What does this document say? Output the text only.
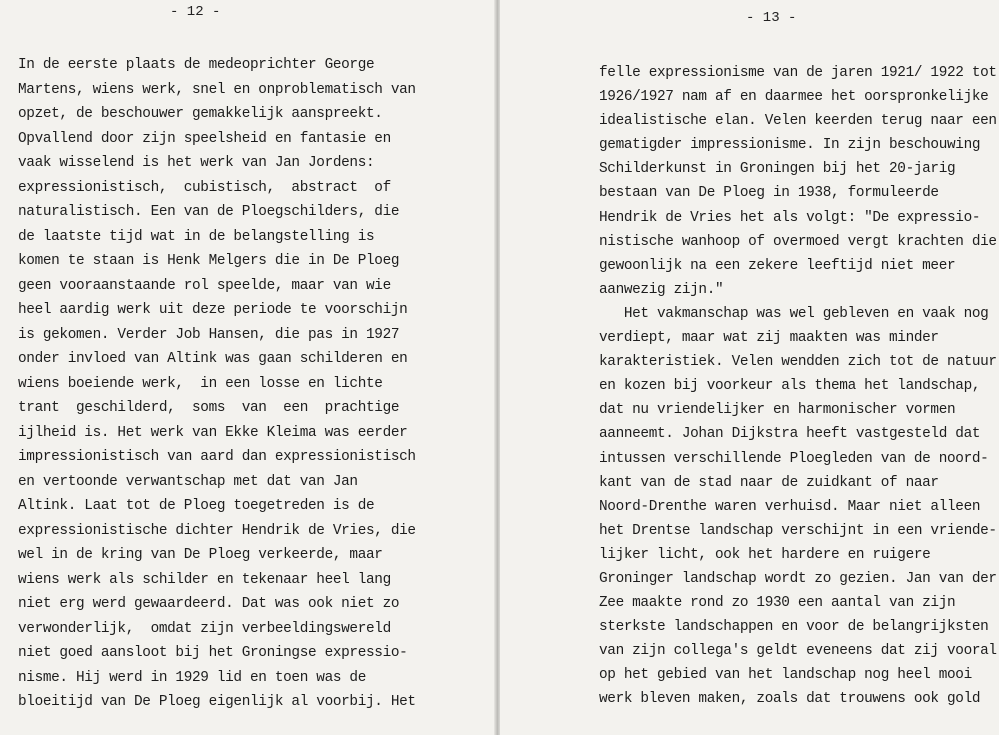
- 12 -
In de eerste plaats de medeoprichter George
Martens, wiens werk, snel en onproblematisch van
opzet, de beschouwer gemakkelijk aanspreekt.
Opvallend door zijn speelsheid en fantasie en
vaak wisselend is het werk van Jan Jordens:
expressionistisch,  cubistisch,  abstract  of
naturalistisch. Een van de Ploegschilders, die
de laatste tijd wat in de belangstelling is
komen te staan is Henk Melgers die in De Ploeg
geen vooraanstaande rol speelde, maar van wie
heel aardig werk uit deze periode te voorschijn
is gekomen. Verder Job Hansen, die pas in 1927
onder invloed van Altink was gaan schilderen en
wiens boeiende werk,  in een losse en lichte
trant  geschilderd,  soms  van  een  prachtige
ijlheid is. Het werk van Ekke Kleima was eerder
impressionistisch van aard dan expressionistisch
en vertoonde verwantschap met dat van Jan
Altink. Laat tot de Ploeg toegetreden is de
expressionistische dichter Hendrik de Vries, die
wel in de kring van De Ploeg verkeerde, maar
wiens werk als schilder en tekenaar heel lang
niet erg werd gewaardeerd. Dat was ook niet zo
verwonderlijk,  omdat zijn verbeeldingswereld
niet goed aansloot bij het Groningse expressio-
nisme. Hij werd in 1929 lid en toen was de
bloeitijd van De Ploeg eigenlijk al voorbij. Het
- 13 -
felle expressionisme van de jaren 1921/ 1922 tot
1926/1927 nam af en daarmee het oorspronkelijke
idealistische elan. Velen keerden terug naar een
gematigder impressionisme. In zijn beschouwing
Schilderkunst in Groningen bij het 20-jarig
bestaan van De Ploeg in 1938, formuleerde
Hendrik de Vries het als volgt: "De expressio-
nistische wanhoop of overmoed vergt krachten die
gewoonlijk na een zekere leeftijd niet meer
aanwezig zijn."
Het vakmanschap was wel gebleven en vaak nog
verdiept, maar wat zij maakten was minder
karakteristiek. Velen wendden zich tot de natuur
en kozen bij voorkeur als thema het landschap,
dat nu vriendelijker en harmonischer vormen
aanneemt. Johan Dijkstra heeft vastgesteld dat
intussen verschillende Ploegleden van de noord-
kant van de stad naar de zuidkant of naar
Noord-Drenthe waren verhuisd. Maar niet alleen
het Drentse landschap verschijnt in een vriende-
lijker licht, ook het hardere en ruigere
Groninger landschap wordt zo gezien. Jan van der
Zee maakte rond zo 1930 een aantal van zijn
sterkste landschappen en voor de belangrijksten
van zijn collega's geldt eveneens dat zij vooral
op het gebied van het landschap nog heel mooi
werk bleven maken, zoals dat trouwens ook gold
